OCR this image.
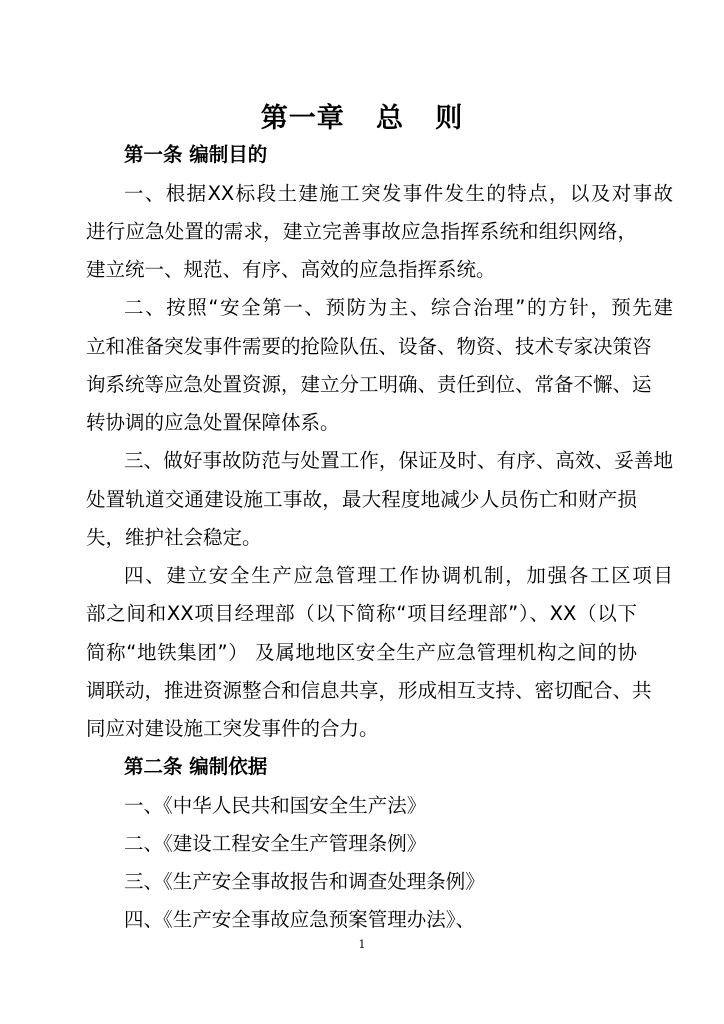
第一章   总   则

第一条 编制目的

一、根据XX标段土建施工突发事件发生的特点，以及对事故

进行应急处置的需求，建立完善事故应急指挥系统和组织网络，

建立统一、规范、有序、高效的应急指挥系统。

二、按照“安全第一、预防为主、综合治理”的方针，预先建

立和准备突发事件需要的抢险队伍、设备、物资、技术专家决策咨

询系统等应急处置资源，建立分工明确、责任到位、常备不懈、运

转协调的应急处置保障体系。

三、做好事故防范与处置工作，保证及时、有序、高效、妥善地

处置轨道交通建设施工事故，最大程度地减少人员伤亡和财产损

失，维护社会稳定。

四、建立安全生产应急管理工作协调机制，加强各工区项目

部之间和XX项目经理部（以下简称“项目经理部”）、XX（以下

简称“地铁集团”） 及属地地区安全生产应急管理机构之间的协

调联动，推进资源整合和信息共享，形成相互支持、密切配合、共

同应对建设施工突发事件的合力。

第二条 编制依据

一、《中华人民共和国安全生产法》

二、《建设工程安全生产管理条例》

三、《生产安全事故报告和调查处理条例》

四、《生产安全事故应急预案管理办法》、

1
